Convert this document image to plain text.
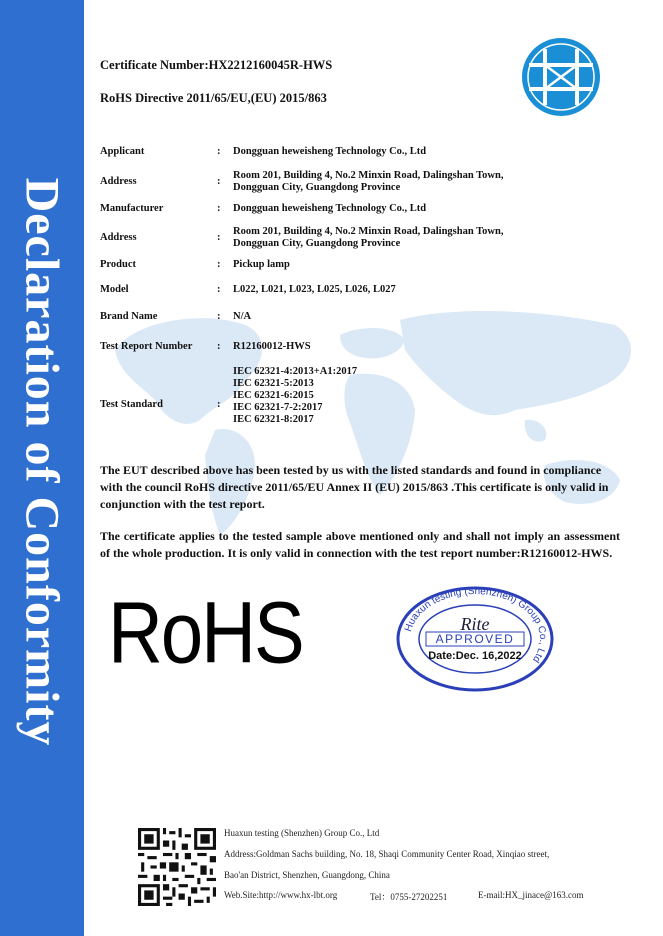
Declaration of Conformity
Certificate Number:HX2212160045R-HWS
RoHS Directive 2011/65/EU,(EU) 2015/863
Applicant	: Dongguan heweisheng Technology Co., Ltd
Address	:
Room 201, Building 4, No.2 Minxin Road, Dalingshan Town,
Dongguan City, Guangdong Province
Manufacturer	: Dongguan heweisheng Technology Co., Ltd
Address	:
Room 201, Building 4, No.2 Minxin Road, Dalingshan Town,
Dongguan City, Guangdong Province
Product	: Pickup lamp
Model	: L022, L021, L023, L025, L026, L027
Brand Name	: N/A
Test Report Number : R12160012-HWS
Test Standard	:
IEC 62321-4:2013+A1:2017
IEC 62321-5:2013
IEC 62321-6:2015
IEC 62321-7-2:2017
IEC 62321-8:2017
The EUT described above has been tested by us with the listed standards and found in compliance with the council RoHS directive 2011/65/EU Annex II (EU) 2015/863 .This certificate is only valid in conjunction with the test report.
The certificate applies to the tested sample above mentioned only and shall not imply an assessment of the whole production. It is only valid in connection with the test report number:R12160012-HWS.
RoHS	Huaxun testing (Shenzhen) Group Co., Ltd
Rite
APPROVED
Date:Dec. 16,2022
Huaxun testing (Shenzhen) Group Co., Ltd
Address:Goldman Sachs building, No. 18, Shaqi Community Center Road, Xinqiao street,
Bao'an District, Shenzhen, Guangdong, China
Web.Site:http://www.hx-lbt.org	Tel：0755-27202251	E-mail:HX_jinace@163.com
